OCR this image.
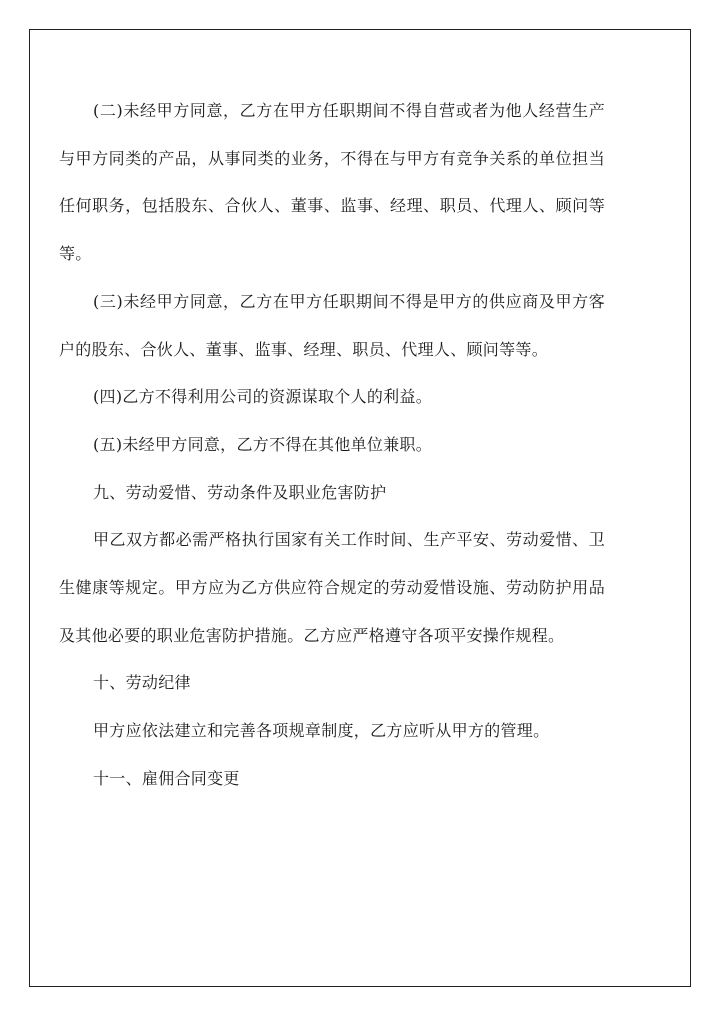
(二)未经甲方同意，乙方在甲方任职期间不得自营或者为他人经营生产与甲方同类的产品，从事同类的业务，不得在与甲方有竞争关系的单位担当任何职务，包括股东、合伙人、董事、监事、经理、职员、代理人、顾问等等。

(三)未经甲方同意，乙方在甲方任职期间不得是甲方的供应商及甲方客户的股东、合伙人、董事、监事、经理、职员、代理人、顾问等等。

(四)乙方不得利用公司的资源谋取个人的利益。

(五)未经甲方同意，乙方不得在其他单位兼职。

九、劳动爱惜、劳动条件及职业危害防护

甲乙双方都必需严格执行国家有关工作时间、生产平安、劳动爱惜、卫生健康等规定。甲方应为乙方供应符合规定的劳动爱惜设施、劳动防护用品及其他必要的职业危害防护措施。乙方应严格遵守各项平安操作规程。

十、劳动纪律

甲方应依法建立和完善各项规章制度，乙方应听从甲方的管理。

十一、雇佣合同变更
